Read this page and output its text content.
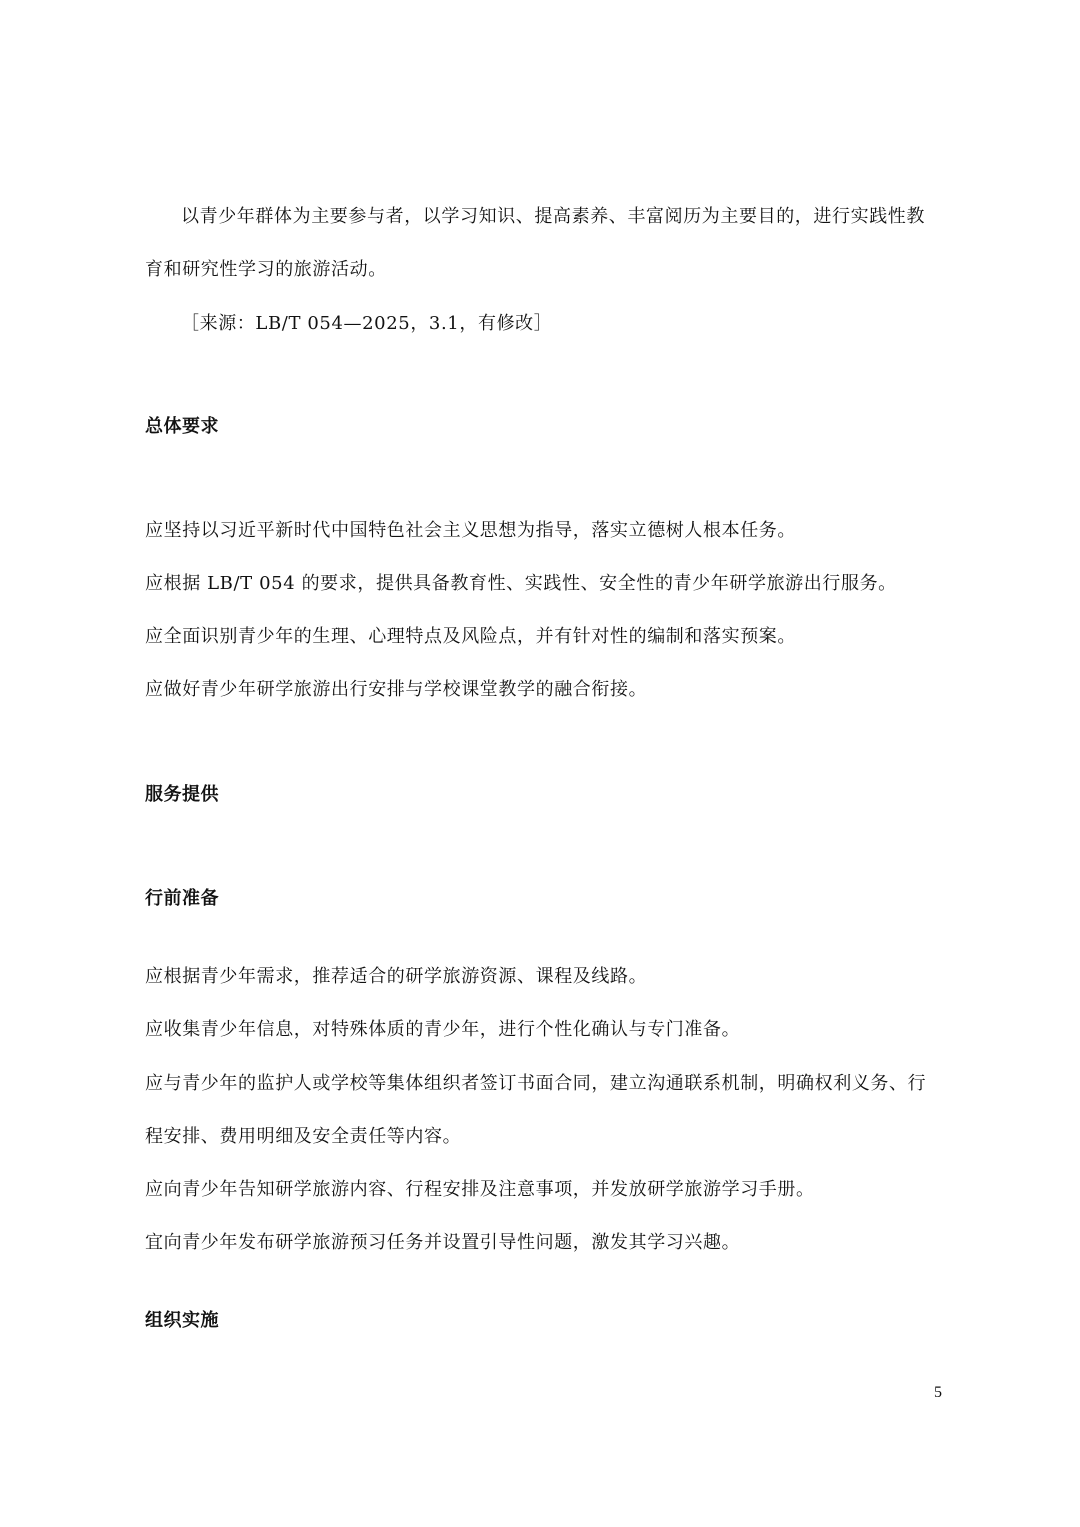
以青少年群体为主要参与者，以学习知识、提高素养、丰富阅历为主要目的，进行实践性教
育和研究性学习的旅游活动。
［来源：LB/T 054—2025，3.1，有修改］
总体要求
应坚持以习近平新时代中国特色社会主义思想为指导，落实立德树人根本任务。
应根据 LB/T 054 的要求，提供具备教育性、实践性、安全性的青少年研学旅游出行服务。
应全面识别青少年的生理、心理特点及风险点，并有针对性的编制和落实预案。
应做好青少年研学旅游出行安排与学校课堂教学的融合衔接。
服务提供
行前准备
应根据青少年需求，推荐适合的研学旅游资源、课程及线路。
应收集青少年信息，对特殊体质的青少年，进行个性化确认与专门准备。
应与青少年的监护人或学校等集体组织者签订书面合同，建立沟通联系机制，明确权利义务、行
程安排、费用明细及安全责任等内容。
应向青少年告知研学旅游内容、行程安排及注意事项，并发放研学旅游学习手册。
宜向青少年发布研学旅游预习任务并设置引导性问题，激发其学习兴趣。
组织实施
5
